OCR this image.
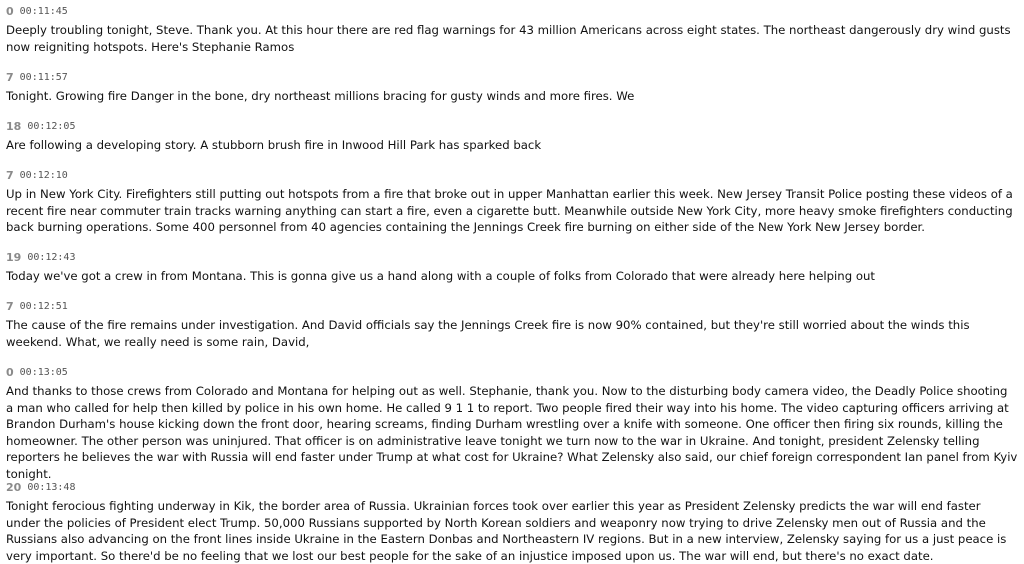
0 00:11:45

Deeply troubling tonight, Steve. Thank you. At this hour there are red flag warnings for 43 million Americans across eight states. The northeast dangerously dry wind gusts now reigniting hotspots. Here's Stephanie Ramos

7 00:11:57

Tonight. Growing fire Danger in the bone, dry northeast millions bracing for gusty winds and more fires. We

18 00:12:05

Are following a developing story. A stubborn brush fire in Inwood Hill Park has sparked back

7 00:12:10

Up in New York City. Firefighters still putting out hotspots from a fire that broke out in upper Manhattan earlier this week. New Jersey Transit Police posting these videos of a recent fire near commuter train tracks warning anything can start a fire, even a cigarette butt. Meanwhile outside New York City, more heavy smoke firefighters conducting back burning operations. Some 400 personnel from 40 agencies containing the Jennings Creek fire burning on either side of the New York New Jersey border.

19 00:12:43

Today we've got a crew in from Montana. This is gonna give us a hand along with a couple of folks from Colorado that were already here helping out

7 00:12:51

The cause of the fire remains under investigation. And David officials say the Jennings Creek fire is now 90% contained, but they're still worried about the winds this weekend. What, we really need is some rain, David,

0 00:13:05

And thanks to those crews from Colorado and Montana for helping out as well. Stephanie, thank you. Now to the disturbing body camera video, the Deadly Police shooting a man who called for help then killed by police in his own home. He called 9 1 1 to report. Two people fired their way into his home. The video capturing officers arriving at Brandon Durham's house kicking down the front door, hearing screams, finding Durham wrestling over a knife with someone. One officer then firing six rounds, killing the homeowner. The other person was uninjured. That officer is on administrative leave tonight we turn now to the war in Ukraine. And tonight, president Zelensky telling reporters he believes the war with Russia will end faster under Trump at what cost for Ukraine? What Zelensky also said, our chief foreign correspondent Ian panel from Kyiv tonight.

20 00:13:48

Tonight ferocious fighting underway in Kik, the border area of Russia. Ukrainian forces took over earlier this year as President Zelensky predicts the war will end faster under the policies of President elect Trump. 50,000 Russians supported by North Korean soldiers and weaponry now trying to drive Zelensky men out of Russia and the Russians also advancing on the front lines inside Ukraine in the Eastern Donbas and Northeastern IV regions. But in a new interview, Zelensky saying for us a just peace is very important. So there'd be no feeling that we lost our best people for the sake of an injustice imposed upon us. The war will end, but there's no exact date.
